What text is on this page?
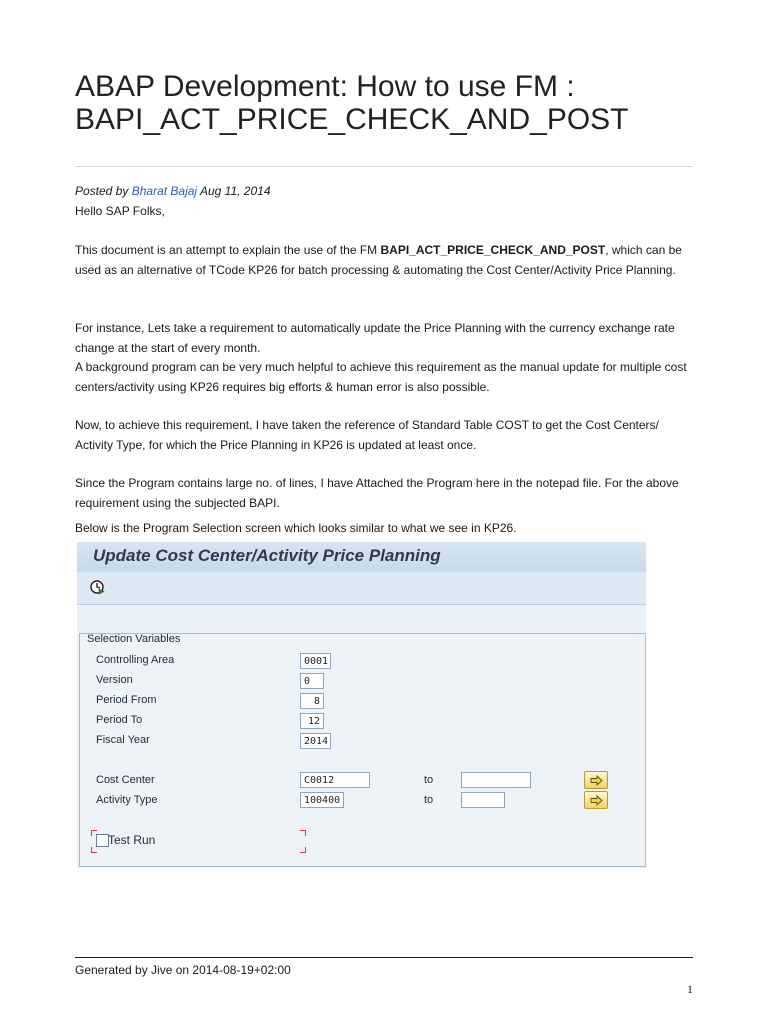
ABAP Development: How to use FM : BAPI_ACT_PRICE_CHECK_AND_POST
Posted by Bharat Bajaj Aug 11, 2014

Hello SAP Folks,

This document is an attempt to explain the use of the FM BAPI_ACT_PRICE_CHECK_AND_POST, which can be used as an alternative of TCode KP26 for batch processing & automating the Cost Center/Activity Price Planning.

For instance, Lets take a requirement to automatically update the Price Planning with the currency exchange rate change at the start of every month.

A background program can be very much helpful to achieve this requirement as the manual update for multiple cost centers/activity using KP26 requires big efforts & human error is also possible.

Now, to achieve this requirement, I have taken the reference of Standard Table COST to get the Cost Centers/ Activity Type, for which the Price Planning in KP26 is updated at least once.

Since the Program contains large no. of lines, I have Attached the Program here in the notepad file. For the above requirement using the subjected BAPI.

Below is the Program Selection screen which looks similar to what we see in KP26.

Update Cost Center/Activity Price Planning
Selection Variables
Controlling Area	0001
Version	0
Period From	8
Period To	12
Fiscal Year	2014
Cost Center	C0012	to
Activity Type	100400	to
Test Run
Generated by Jive on 2014-08-19+02:00
1
